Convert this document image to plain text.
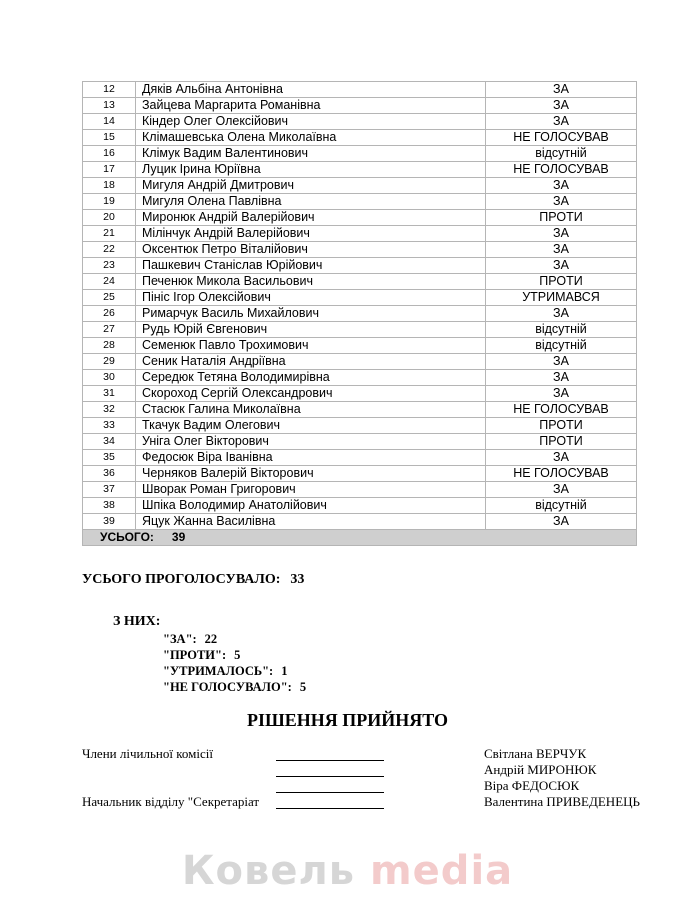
12	Дяків Альбіна Антонівна	ЗА
13	Зайцева Маргарита Романівна	ЗА
14	Кіндер Олег Олексійович	ЗА
15	Клімашевська Олена Миколаївна	НЕ ГОЛОСУВАВ
16	Клімук Вадим Валентинович	відсутній
17	Луцик Ірина Юріївна	НЕ ГОЛОСУВАВ
18	Мигуля Андрій Дмитрович	ЗА
19	Мигуля Олена Павлівна	ЗА
20	Миронюк Андрій Валерійович	ПРОТИ
21	Мілінчук Андрій Валерійович	ЗА
22	Оксентюк Петро Віталійович	ЗА
23	Пашкевич Станіслав Юрійович	ЗА
24	Печенюк Микола Васильович	ПРОТИ
25	Пініс Ігор Олексійович	УТРИМАВСЯ
26	Римарчук Василь Михайлович	ЗА
27	Рудь Юрій Євгенович	відсутній
28	Семенюк Павло Трохимович	відсутній
29	Сеник Наталія Андріївна	ЗА
30	Середюк Тетяна Володимирівна	ЗА
31	Скороход Сергій Олександрович	ЗА
32	Стасюк Галина Миколаївна	НЕ ГОЛОСУВАВ
33	Ткачук Вадим Олегович	ПРОТИ
34	Уніга Олег Вікторович	ПРОТИ
35	Федосюк Віра Іванівна	ЗА
36	Черняков Валерій Вікторович	НЕ ГОЛОСУВАВ
37	Шворак Роман Григорович	ЗА
38	Шпіка Володимир Анатолійович	відсутній
39	Яцук Жанна Василівна	ЗА
УСЬОГО: 39		
УСЬОГО ПРОГОЛОСУВАЛО: 33
З НИХ:
"ЗА": 22
"ПРОТИ": 5
"УТРИМАЛОСЬ": 1
"НЕ ГОЛОСУВАЛО": 5
РІШЕННЯ ПРИЙНЯТО
Члени лічильної комісії
Начальник відділу "Секретаріат
Світлана ВЕРЧУК
Андрій МИРОНЮК
Віра ФЕДОСЮК
Валентина ПРИВЕДЕНЕЦЬ
Ковель media
